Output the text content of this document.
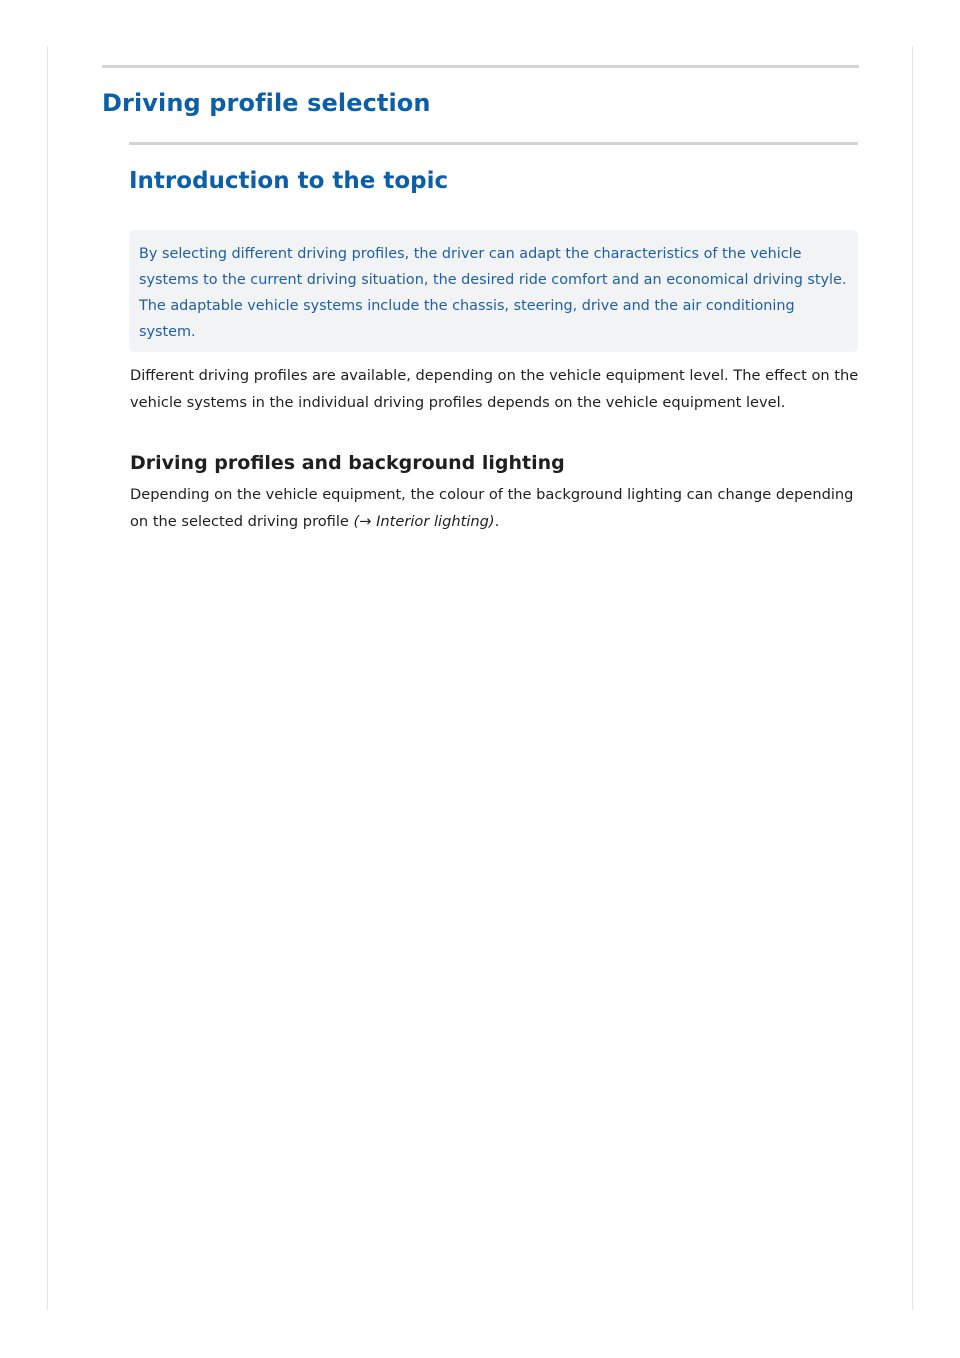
Driving profile selection
Introduction to the topic

By selecting different driving profiles, the driver can adapt the characteristics of the vehicle systems to the current driving situation, the desired ride comfort and an economical driving style. The adaptable vehicle systems include the chassis, steering, drive and the air conditioning system.

Different driving profiles are available, depending on the vehicle equipment level. The effect on the vehicle systems in the individual driving profiles depends on the vehicle equipment level.

Driving profiles and background lighting

Depending on the vehicle equipment, the colour of the background lighting can change depending on the selected driving profile (→ Interior lighting).
